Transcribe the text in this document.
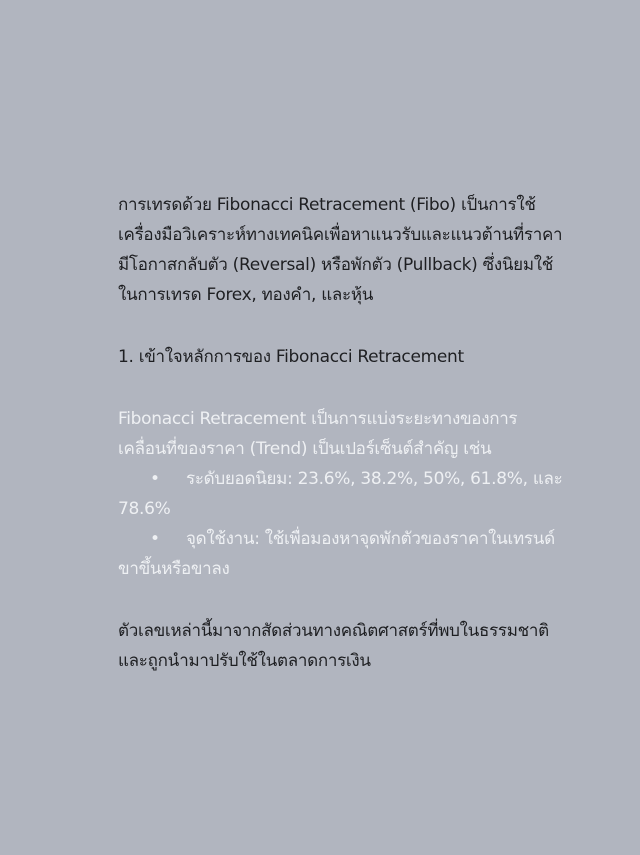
การเทรดด้วย Fibonacci Retracement (Fibo) เป็นการใช้
เครื่องมือวิเคราะห์ทางเทคนิคเพื่อหาแนวรับและแนวต้านที่ราคา
มีโอกาสกลับตัว (Reversal) หรือพักตัว (Pullback) ซึ่งนิยมใช้
ในการเทรด Forex, ทองคำ, และหุ้น

1. เข้าใจหลักการของ Fibonacci Retracement

Fibonacci Retracement เป็นการแบ่งระยะทางของการ
เคลื่อนที่ของราคา (Trend) เป็นเปอร์เซ็นต์สำคัญ เช่น
• ระดับยอดนิยม: 23.6%, 38.2%, 50%, 61.8%, และ
78.6%
• จุดใช้งาน: ใช้เพื่อมองหาจุดพักตัวของราคาในเทรนด์
ขาขึ้นหรือขาลง

ตัวเลขเหล่านี้มาจากสัดส่วนทางคณิตศาสตร์ที่พบในธรรมชาติ
และถูกนำมาปรับใช้ในตลาดการเงิน
